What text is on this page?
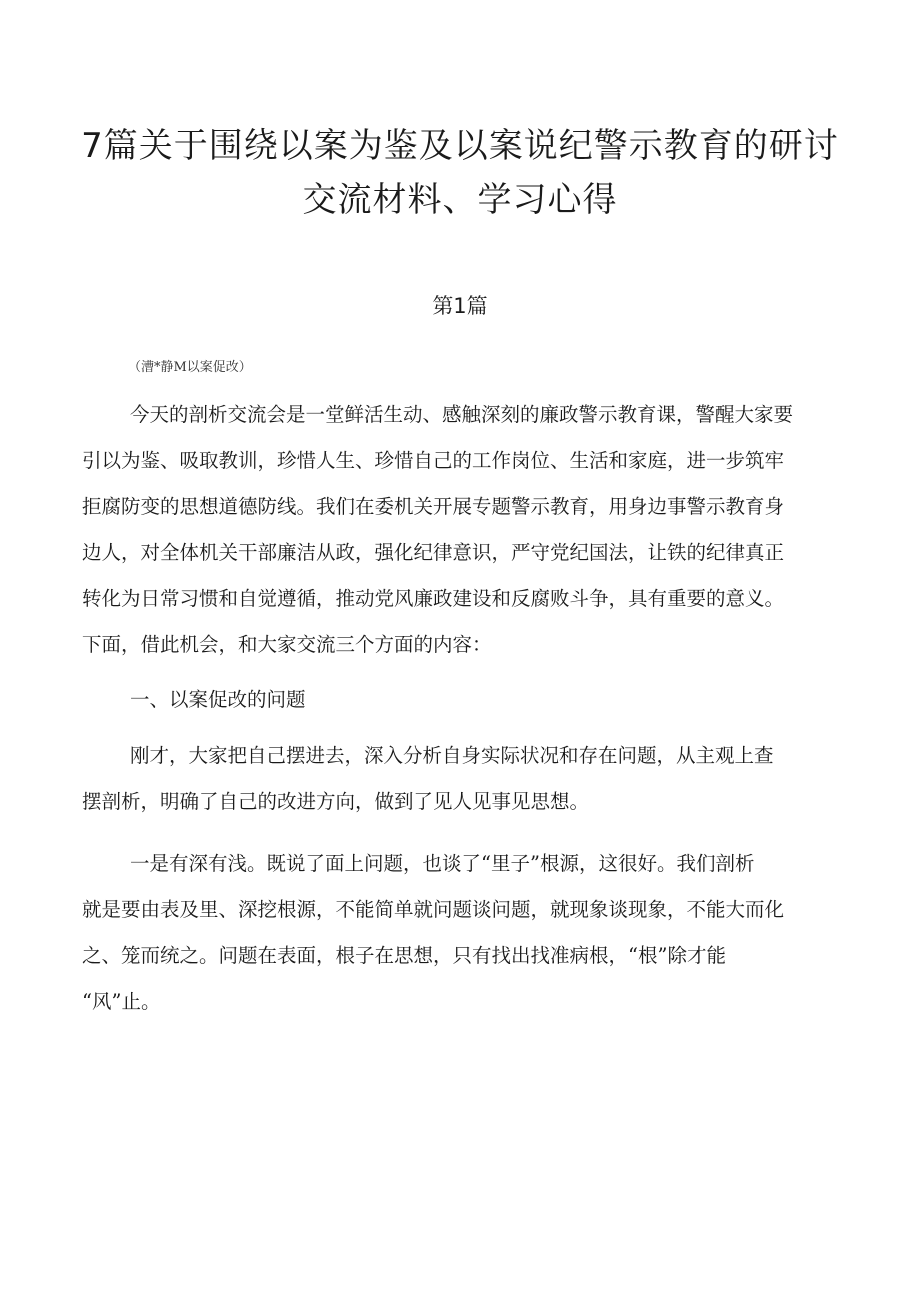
7篇关于围绕以案为鉴及以案说纪警示教育的研讨
交流材料、学习心得
第1篇
（漕*静M以案促改）
今天的剖析交流会是一堂鲜活生动、感触深刻的廉政警示教育课，警醒大家要
引以为鉴、吸取教训，珍惜人生、珍惜自己的工作岗位、生活和家庭，进一步筑牢
拒腐防变的思想道德防线。我们在委机关开展专题警示教育，用身边事警示教育身
边人，对全体机关干部廉洁从政，强化纪律意识，严守党纪国法，让铁的纪律真正
转化为日常习惯和自觉遵循，推动党风廉政建设和反腐败斗争，具有重要的意义。
下面，借此机会，和大家交流三个方面的内容：
一、以案促改的问题
刚才，大家把自己摆进去，深入分析自身实际状况和存在问题，从主观上查
摆剖析，明确了自己的改进方向，做到了见人见事见思想。
一是有深有浅。既说了面上问题，也谈了“里子”根源，这很好。我们剖析
就是要由表及里、深挖根源，不能简单就问题谈问题，就现象谈现象，不能大而化
之、笼而统之。问题在表面，根子在思想，只有找出找准病根，“根”除才能
“风”止。
